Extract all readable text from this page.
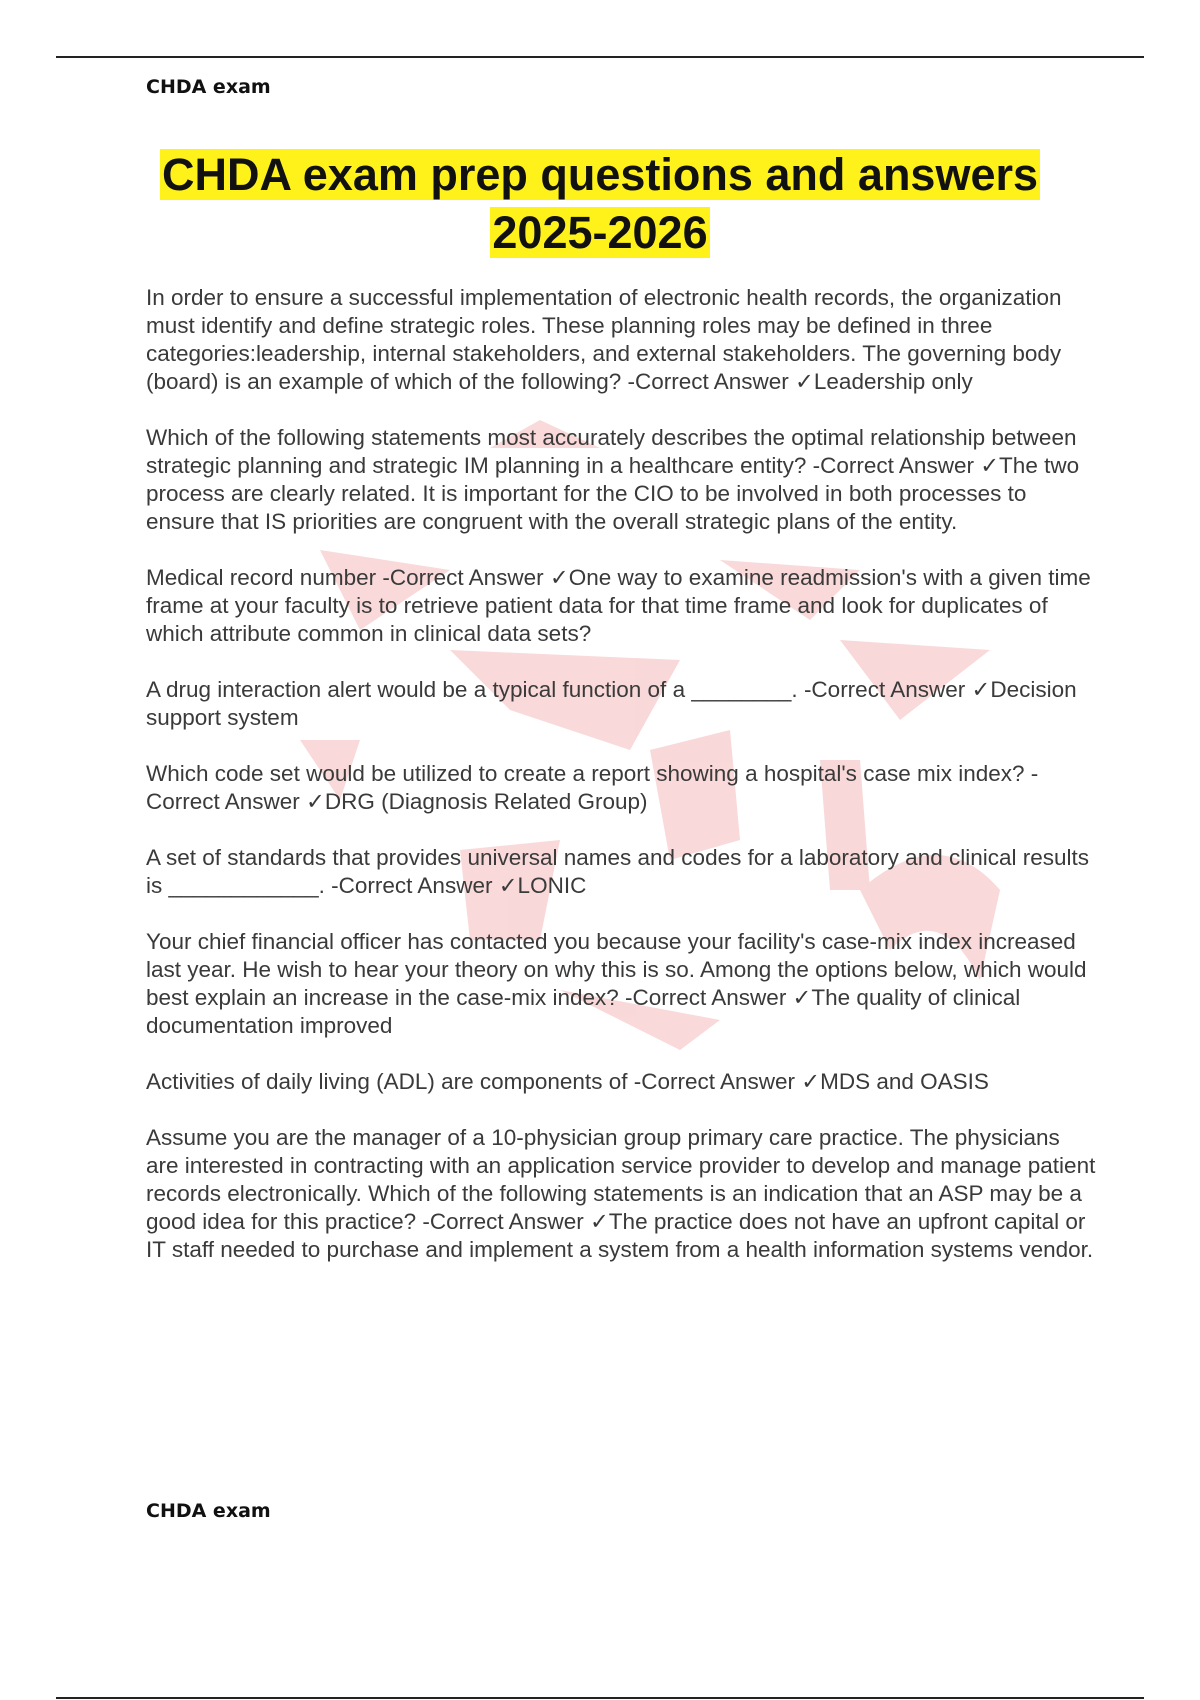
CHDA exam
CHDA exam prep questions and answers
2025-2026

In order to ensure a successful implementation of electronic health records, the organization must identify and define strategic roles. These planning roles may be defined in three categories:leadership, internal stakeholders, and external stakeholders. The governing body (board) is an example of which of the following? -Correct Answer ✓Leadership only

Which of the following statements most accurately describes the optimal relationship between strategic planning and strategic IM planning in a healthcare entity? -Correct Answer ✓The two process are clearly related. It is important for the CIO to be involved in both processes to ensure that IS priorities are congruent with the overall strategic plans of the entity.

Medical record number -Correct Answer ✓One way to examine readmission's with a given time frame at your faculty is to retrieve patient data for that time frame and look for duplicates of which attribute common in clinical data sets?

A drug interaction alert would be a typical function of a ________. -Correct Answer ✓Decision support system

Which code set would be utilized to create a report showing a hospital's case mix index? -Correct Answer ✓DRG (Diagnosis Related Group)

A set of standards that provides universal names and codes for a laboratory and clinical results is ____________. -Correct Answer ✓LONIC

Your chief financial officer has contacted you because your facility's case-mix index increased last year. He wish to hear your theory on why this is so. Among the options below, which would best explain an increase in the case-mix index? -Correct Answer ✓The quality of clinical documentation improved

Activities of daily living (ADL) are components of -Correct Answer ✓MDS and OASIS

Assume you are the manager of a 10-physician group primary care practice. The physicians are interested in contracting with an application service provider to develop and manage patient records electronically. Which of the following statements is an indication that an ASP may be a good idea for this practice? -Correct Answer ✓The practice does not have an upfront capital or IT staff needed to purchase and implement a system from a health information systems vendor.

CHDA exam
